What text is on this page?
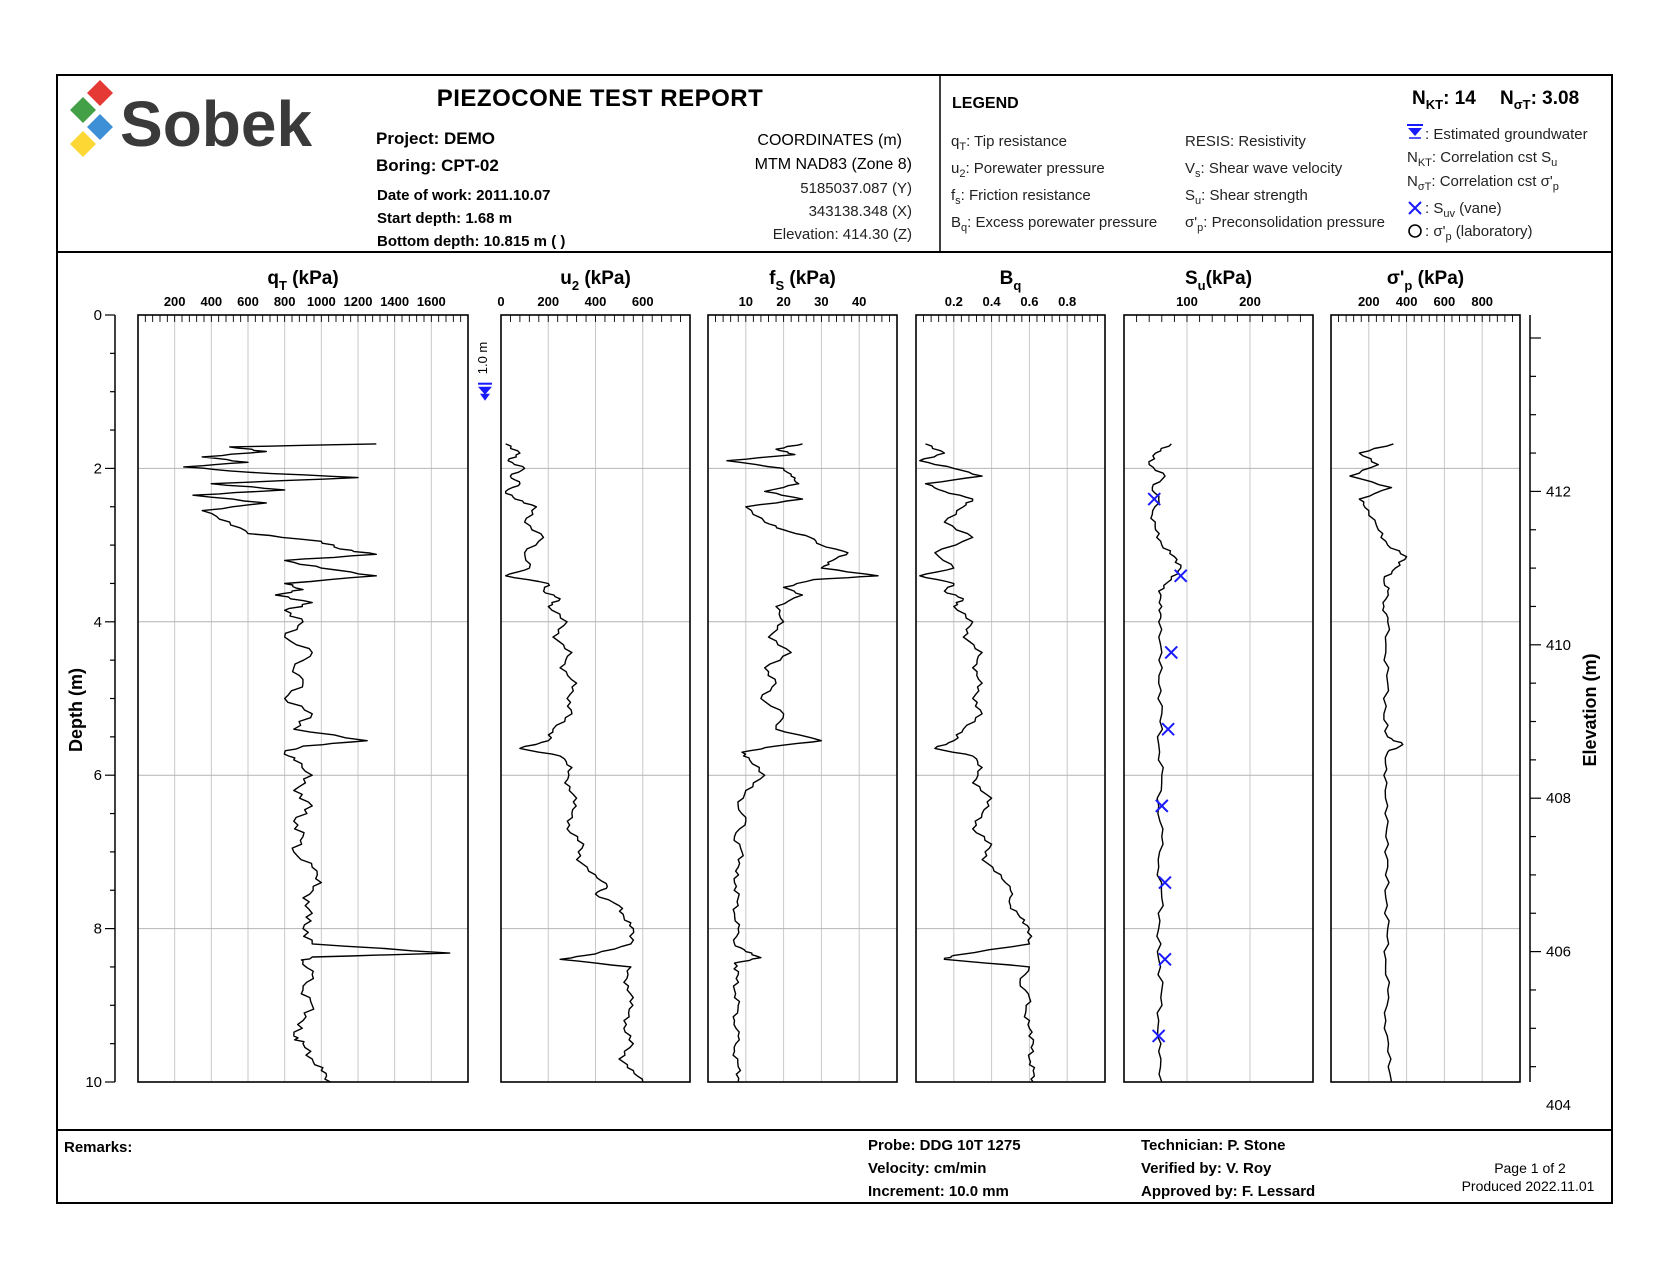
Sobek	PIEZOCONE TEST REPORT
Project: DEMO
Boring: CPT-02
Date of work: 2011.10.07
Start depth: 1.68 m
Bottom depth: 10.815 m ( )
COORDINATES (m)
MTM NAD83 (Zone 8)
5185037.087 (Y)
343138.348 (X)
Elevation: 414.30 (Z)
LEGEND	$N_{KT}$: 14 $N_{\sigma T}$: 3.08
$q_T$: Tip resistance
$u_2$: Porewater pressure
$f_s$: Friction resistance
$B_q$: Excess porewater pressure
RESIS: Resistivity
$V_s$: Shear wave velocity
$S_u$: Shear strength
$\sigma'_p$: Preconsolidation pressure
: Estimated groundwater
$N_{KT}$: Correlation cst $S_u$
$N_{\sigma T}$: Correlation cst $\sigma'_p$
: $S_{uv}$ (vane)
: $\sigma'_p$ (laboratory)
Depth (m)
0
2
4
6
8
10
200 400 600 800 1000 1200 1400 1600
$q_T$ (kPa)
0	200 400 600
$u_2$ (kPa)
10 20 30 40
$f_S$ (kPa)
0.2 0.4 0.6 0.8
$B_q$
100	200
$S_u(kPa)$
200 400 600 800
$\sigma'_p$ (kPa)
412
410
408
406
404
Elevation (m)
1.0 m
Remarks:	Probe: DDG 10T 1275
Velocity: cm/min
Increment: 10.0 mm
Technician: P. Stone
Verified by: V. Roy
Approved by: F. Lessard
Page 1 of 2
Produced 2022.11.01
